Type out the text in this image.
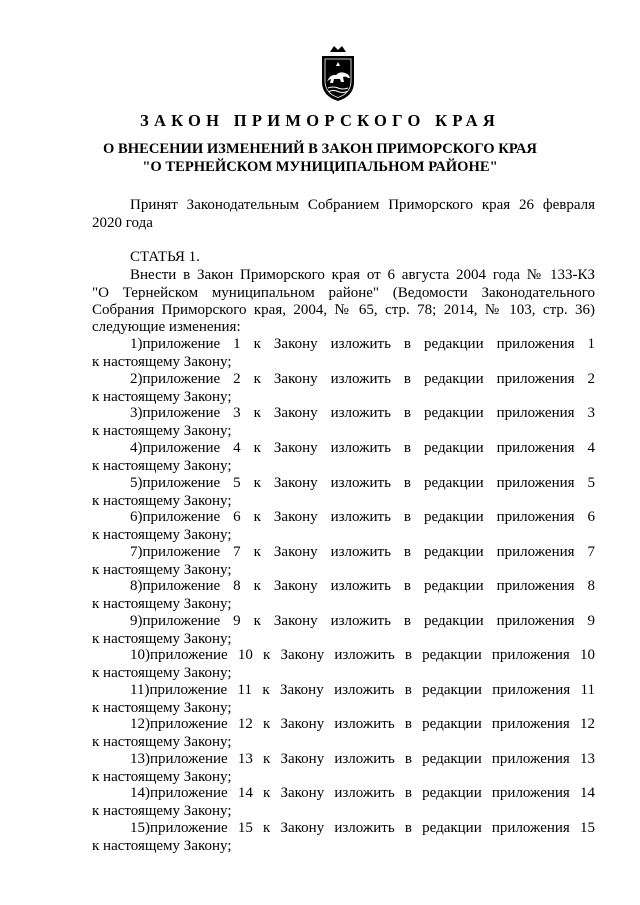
ЗАКОН ПРИМОРСКОГО КРАЯ
О ВНЕСЕНИИ ИЗМЕНЕНИЙ В ЗАКОН ПРИМОРСКОГО КРАЯ
"О ТЕРНЕЙСКОМ МУНИЦИПАЛЬНОМ РАЙОНЕ"
Принят Законодательным Собранием Приморского края 26 февраля
2020 года
СТАТЬЯ 1.
Внести в Закон Приморского края от 6 августа 2004 года № 133-КЗ
"О Тернейском муниципальном районе" (Ведомости Законодательного
Собрания Приморского края, 2004, № 65, стр. 78; 2014, № 103, стр. 36)
следующие изменения:
1)приложение 1 к Закону изложить в редакции приложения 1
к настоящему Закону;
2)приложение 2 к Закону изложить в редакции приложения 2
к настоящему Закону;
3)приложение 3 к Закону изложить в редакции приложения 3
к настоящему Закону;
4)приложение 4 к Закону изложить в редакции приложения 4
к настоящему Закону;
5)приложение 5 к Закону изложить в редакции приложения 5
к настоящему Закону;
6)приложение 6 к Закону изложить в редакции приложения 6
к настоящему Закону;
7)приложение 7 к Закону изложить в редакции приложения 7
к настоящему Закону;
8)приложение 8 к Закону изложить в редакции приложения 8
к настоящему Закону;
9)приложение 9 к Закону изложить в редакции приложения 9
к настоящему Закону;
10)приложение 10 к Закону изложить в редакции приложения 10
к настоящему Закону;
11)приложение 11 к Закону изложить в редакции приложения 11
к настоящему Закону;
12)приложение 12 к Закону изложить в редакции приложения 12
к настоящему Закону;
13)приложение 13 к Закону изложить в редакции приложения 13
к настоящему Закону;
14)приложение 14 к Закону изложить в редакции приложения 14
к настоящему Закону;
15)приложение 15 к Закону изложить в редакции приложения 15
к настоящему Закону;
